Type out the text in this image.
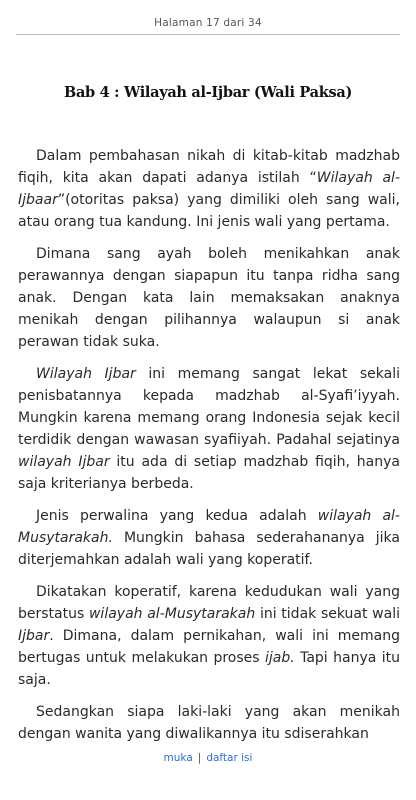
Halaman 17 dari 34
Bab 4 : Wilayah al-Ijbar (Wali Paksa)

Dalam pembahasan nikah di kitab-kitab madzhab fiqih, kita akan dapati adanya istilah “Wilayah al-Ijbaar”(otoritas paksa) yang dimiliki oleh sang wali, atau orang tua kandung. Ini jenis wali yang pertama.

Dimana sang ayah boleh menikahkan anak perawannya dengan siapapun itu tanpa ridha sang anak. Dengan kata lain memaksakan anaknya menikah dengan pilihannya walaupun si anak perawan tidak suka.

Wilayah Ijbar ini memang sangat lekat sekali penisbatannya kepada madzhab al-Syafi’iyyah. Mungkin karena memang orang Indonesia sejak kecil terdidik dengan wawasan syafiiyah. Padahal sejatinya wilayah Ijbar itu ada di setiap madzhab fiqih, hanya saja kriterianya berbeda.

Jenis perwalina yang kedua adalah wilayah al-Musytarakah. Mungkin bahasa sederahananya jika diterjemahkan adalah wali yang koperatif.

Dikatakan koperatif, karena kedudukan wali yang berstatus wilayah al-Musytarakah ini tidak sekuat wali Ijbar. Dimana, dalam pernikahan, wali ini memang bertugas untuk melakukan proses ijab. Tapi hanya itu saja.

Sedangkan siapa laki-laki yang akan menikah dengan wanita yang diwalikannya itu sdiserahkan

muka | daftar isi
